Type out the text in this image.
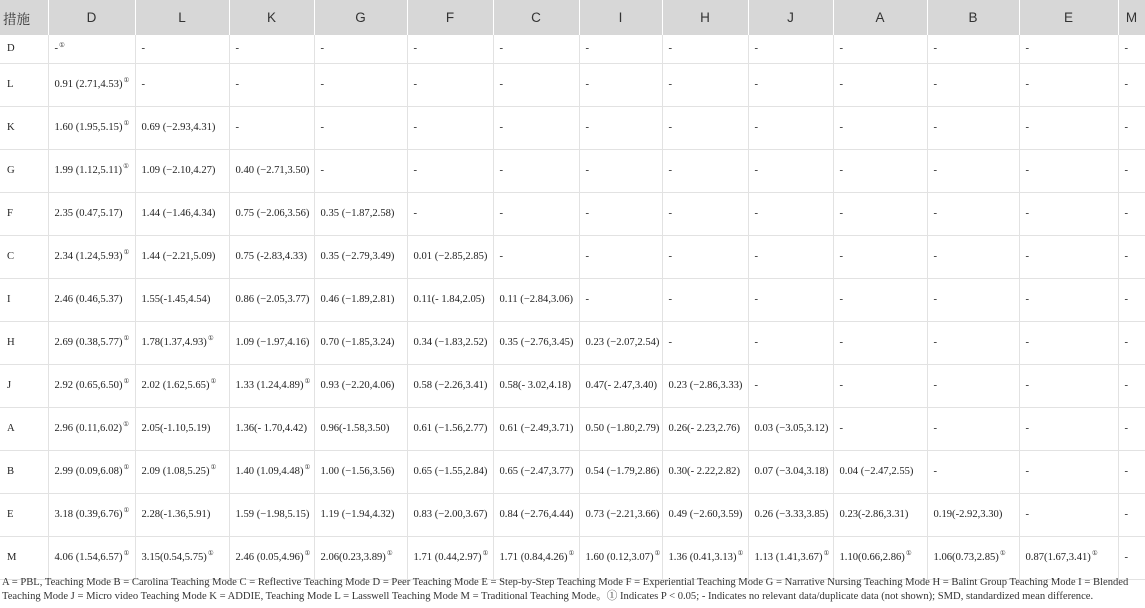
措施	D	L	K	G	F	C	I	H	J	A	B	E	M
D	-①	-	-	-	-	-	-	-	-	-	-	-	-
L	0.91 (2.71,4.53)①	-	-	-	-	-	-	-	-	-	-	-	-
K	1.60 (1.95,5.15)①	0.69 (−2.93,4.31)	-	-	-	-	-	-	-	-	-	-	-
G	1.99 (1.12,5.11)①	1.09 (−2.10,4.27)	0.40 (−2.71,3.50)	-	-	-	-	-	-	-	-	-	-
F	2.35 (0.47,5.17)	1.44 (−1.46,4.34)	0.75 (−2.06,3.56)	0.35 (−1.87,2.58)	-	-	-	-	-	-	-	-	-
C	2.34 (1.24,5.93)①	1.44 (−2.21,5.09)	0.75 (-2.83,4.33)	0.35 (−2.79,3.49)	0.01 (−2.85,2.85)	-	-	-	-	-	-	-	-
I	2.46 (0.46,5.37)	1.55(-1.45,4.54)	0.86 (−2.05,3.77)	0.46 (−1.89,2.81)	0.11(- 1.84,2.05)	0.11 (−2.84,3.06)	-	-	-	-	-	-	-
H	2.69 (0.38,5.77)①	1.78(1.37,4.93)①	1.09 (−1.97,4.16)	0.70 (−1.85,3.24)	0.34 (−1.83,2.52)	0.35 (−2.76,3.45)	0.23 (−2.07,2.54)	-	-	-	-	-	-
J	2.92 (0.65,6.50)①	2.02 (1.62,5.65)①	1.33 (1.24,4.89)①	0.93 (−2.20,4.06)	0.58 (−2.26,3.41)	0.58(- 3.02,4.18)	0.47(- 2.47,3.40)	0.23 (−2.86,3.33)	-	-	-	-	-
A	2.96 (0.11,6.02)①	2.05(-1.10,5.19)	1.36(- 1.70,4.42)	0.96(-1.58,3.50)	0.61 (−1.56,2.77)	0.61 (−2.49,3.71)	0.50 (−1.80,2.79)	0.26(- 2.23,2.76)	0.03 (−3.05,3.12)	-	-	-	-
B	2.99 (0.09,6.08)①	2.09 (1.08,5.25)①	1.40 (1.09,4.48)①	1.00 (−1.56,3.56)	0.65 (−1.55,2.84)	0.65 (−2.47,3.77)	0.54 (−1.79,2.86)	0.30(- 2.22,2.82)	0.07 (−3.04,3.18)	0.04 (−2.47,2.55)	-	-	-
E	3.18 (0.39,6.76)①	2.28(-1.36,5.91)	1.59 (−1.98,5.15)	1.19 (−1.94,4.32)	0.83 (−2.00,3.67)	0.84 (−2.76,4.44)	0.73 (−2.21,3.66)	0.49 (−2.60,3.59)	0.26 (−3.33,3.85)	0.23(-2.86,3.31)	0.19(-2.92,3.30)	-	-
M	4.06 (1.54,6.57)①	3.15(0.54,5.75)①	2.46 (0.05,4.96)①	2.06(0.23,3.89)①	1.71 (0.44,2.97)①	1.71 (0.84,4.26)①	1.60 (0.12,3.07)①	1.36 (0.41,3.13)①	1.13 (1.41,3.67)①	1.10(0.66,2.86)①	1.06(0.73,2.85)①	0.87(1.67,3.41)①	-

A = PBL, Teaching Mode B = Carolina Teaching Mode C = Reflective Teaching Mode D = Peer Teaching Mode E = Step-by-Step Teaching Mode F = Experiential Teaching Mode G = Narrative Nursing Teaching Mode H = Balint Group Teaching Mode I = Blended Teaching Mode J = Micro video Teaching Mode K = ADDIE, Teaching Mode L = Lasswell Teaching Mode M = Traditional Teaching Mode。① Indicates P < 0.05; - Indicates no relevant data/duplicate data (not shown); SMD, standardized mean difference.
